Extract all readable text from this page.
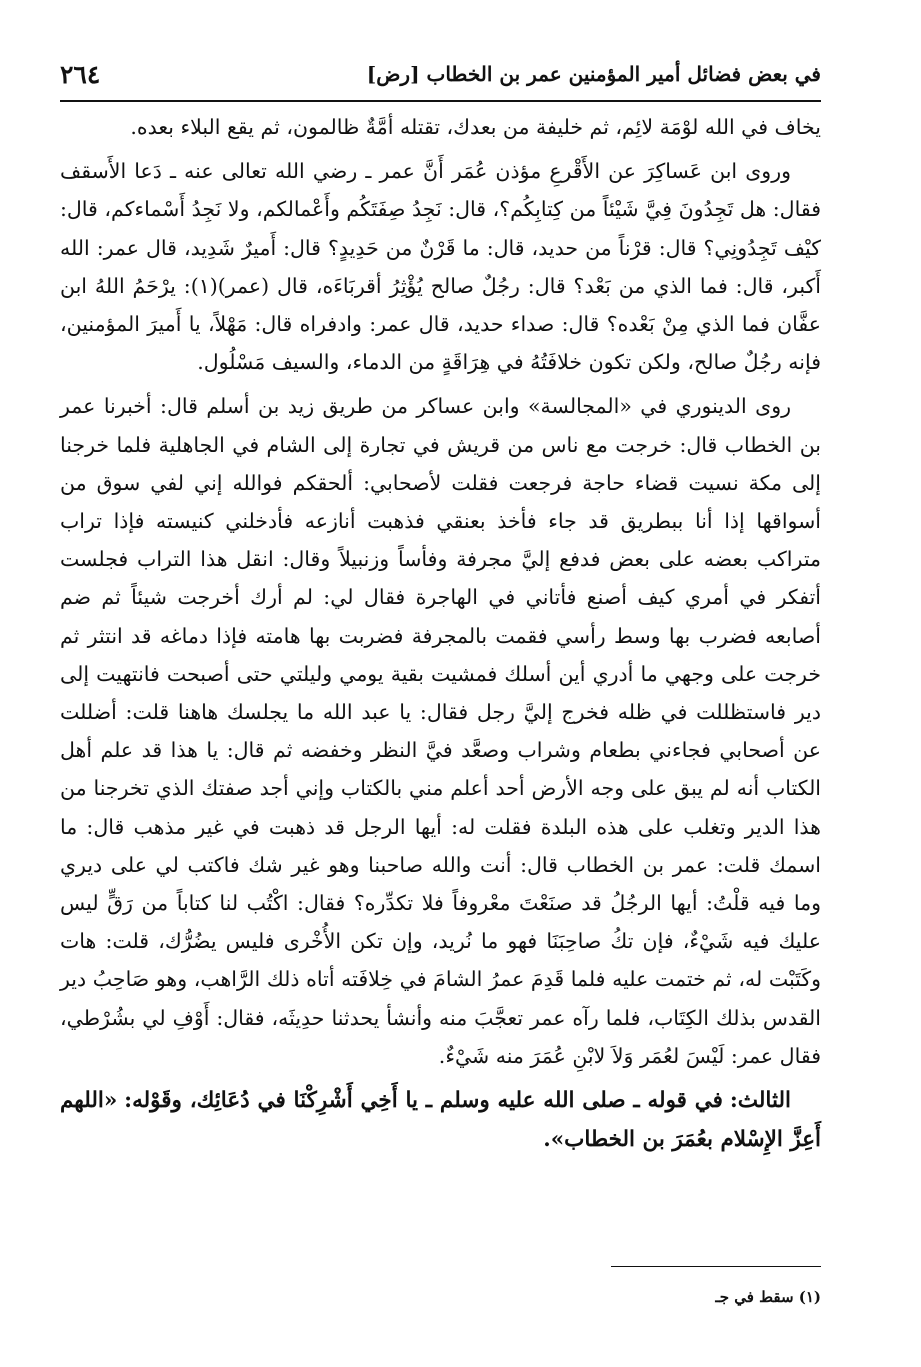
في بعض فضائل أمير المؤمنين عمر بن الخطاب [رض]
٢٦٤

يخاف في الله لوْمَة لائِم، ثم خليفة من بعدك، تقتله أمَّةٌ ظالمون، ثم يقع البلاء بعده.

وروى ابن عَساكِرَ عن الأَقْرعِ مؤذن عُمَر أَنَّ عمر ـ رضي الله تعالى عنه ـ دَعا الأَسقف فقال: هل تَجِدُونَ فِيَّ شَيْئاً من كِتابِكُم؟، قال: نَجِدُ صِفَتَكُم وأَعْمالكم، ولا نَجِدُ أَسْماءكم، قال: كيْف تَجِدُونِي؟ قال: قرْناً من حديد، قال: ما قَرْنٌ من حَدِيدٍ؟ قال: أَميرٌ شَدِيد، قال عمر: الله أَكبر، قال: فما الذي من بَعْد؟ قال: رجُلٌ صالح يُؤْثِرُ أقربَاءَه، قال (عمر)(١): يرْحَمُ اللهُ ابن عفَّان فما الذي مِنْ بَعْده؟ قال: صداء حديد، قال عمر: وادفراه قال: مَهْلاً، يا أَميرَ المؤمنين، فإنه رجُلٌ صالح، ولكن تكون خلافَتُهُ في هِرَاقَةٍ من الدماء، والسيف مَسْلُول.

روى الدينوري في «المجالسة» وابن عساكر من طريق زيد بن أسلم قال: أخبرنا عمر بن الخطاب قال: خرجت مع ناس من قريش في تجارة إلى الشام في الجاهلية فلما خرجنا إلى مكة نسيت قضاء حاجة فرجعت فقلت لأصحابي: ألحقكم فوالله إني لفي سوق من أسواقها إذا أنا ببطريق قد جاء فأخذ بعنقي فذهبت أنازعه فأدخلني كنيسته فإذا تراب متراكب بعضه على بعض فدفع إليَّ مجرفة وفأساً وزنبيلاً وقال: انقل هذا التراب فجلست أتفكر في أمري كيف أصنع فأتاني في الهاجرة فقال لي: لم أرك أخرجت شيئاً ثم ضم أصابعه فضرب بها وسط رأسي فقمت بالمجرفة فضربت بها هامته فإذا دماغه قد انتثر ثم خرجت على وجهي ما أدري أين أسلك فمشيت بقية يومي وليلتي حتى أصبحت فانتهيت إلى دير فاستظللت في ظله فخرج إليَّ رجل فقال: يا عبد الله ما يجلسك هاهنا قلت: أضللت عن أصحابي فجاءني بطعام وشراب وصعَّد فيَّ النظر وخفضه ثم قال: يا هذا قد علم أهل الكتاب أنه لم يبق على وجه الأرض أحد أعلم مني بالكتاب وإني أجد صفتك الذي تخرجنا من هذا الدير وتغلب على هذه البلدة فقلت له: أيها الرجل قد ذهبت في غير مذهب قال: ما اسمك قلت: عمر بن الخطاب قال: أنت والله صاحبنا وهو غير شك فاكتب لي على ديري وما فيه قلْتُ: أيها الرجُلُ قد صنَعْتَ معْروفاً فلا تكدِّره؟ فقال: اكْتُب لنا كتاباً من رَقٍّ ليس عليك فيه شَيْءٌ، فإن تكُ صاحِبَنَا فهو ما نُريد، وإن تكن الأُخْرى فليس يضُرُّك، قلت: هات وكَتَبْت له، ثم ختمت عليه فلما قَدِمَ عمرُ الشامَ في خِلافَته أتاه ذلك الرَّاهب، وهو صَاحِبُ دير القدس بذلك الكِتَاب، فلما رآه عمر تعجَّبَ منه وأنشأ يحدثنا حدِيثَه، فقال: أَوْفِ لي بشُرْطي، فقال عمر: لَيْسَ لعُمَر وَلاَ لابْنِ عُمَرَ منه شَيْءٌ.

الثالث: في قوله ـ صلى الله عليه وسلم ـ يا أَخِي أَشْرِكْنَا في دُعَائِك، وقَوْله: «اللهم أَعِزَّ الإِسْلام بعُمَرَ بن الخطاب».

(١) سقط في جـ
